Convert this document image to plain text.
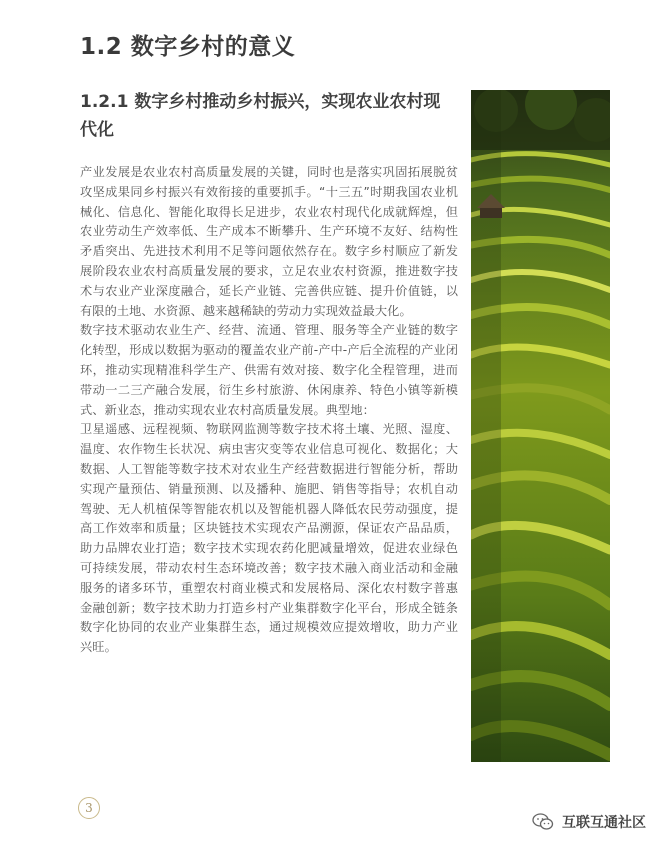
1.2 数字乡村的意义
1.2.1 数字乡村推动乡村振兴，实现农业农村现代化

产业发展是农业农村高质量发展的关键，同时也是落实巩固拓展脱贫攻坚成果同乡村振兴有效衔接的重要抓手。“十三五”时期我国农业机械化、信息化、智能化取得长足进步，农业农村现代化成就辉煌，但农业劳动生产效率低、生产成本不断攀升、生产环境不友好、结构性矛盾突出、先进技术利用不足等问题依然存在。数字乡村顺应了新发展阶段农业农村高质量发展的要求，立足农业农村资源，推进数字技术与农业产业深度融合，延长产业链、完善供应链、提升价值链，以有限的土地、水资源、越来越稀缺的劳动力实现效益最大化。

数字技术驱动农业生产、经营、流通、管理、服务等全产业链的数字化转型，形成以数据为驱动的覆盖农业产前-产中-产后全流程的产业闭环，推动实现精准科学生产、供需有效对接、数字化全程管理，进而带动一二三产融合发展，衍生乡村旅游、休闲康养、特色小镇等新模式、新业态，推动实现农业农村高质量发展。典型地：

卫星遥感、远程视频、物联网监测等数字技术将土壤、光照、湿度、温度、农作物生长状况、病虫害灾变等农业信息可视化、数据化；大数据、人工智能等数字技术对农业生产经营数据进行智能分析，帮助实现产量预估、销量预测、以及播种、施肥、销售等指导；农机自动驾驶、无人机植保等智能农机以及智能机器人降低农民劳动强度，提高工作效率和质量；区块链技术实现农产品溯源，保证农产品品质，助力品牌农业打造；数字技术实现农药化肥减量增效，促进农业绿色可持续发展，带动农村生态环境改善；数字技术融入商业活动和金融服务的诸多环节，重塑农村商业模式和发展格局、深化农村数字普惠金融创新；数字技术助力打造乡村产业集群数字化平台，形成全链条数字化协同的农业产业集群生态，通过规模效应提效增收，助力产业兴旺。

3
互联互通社区
